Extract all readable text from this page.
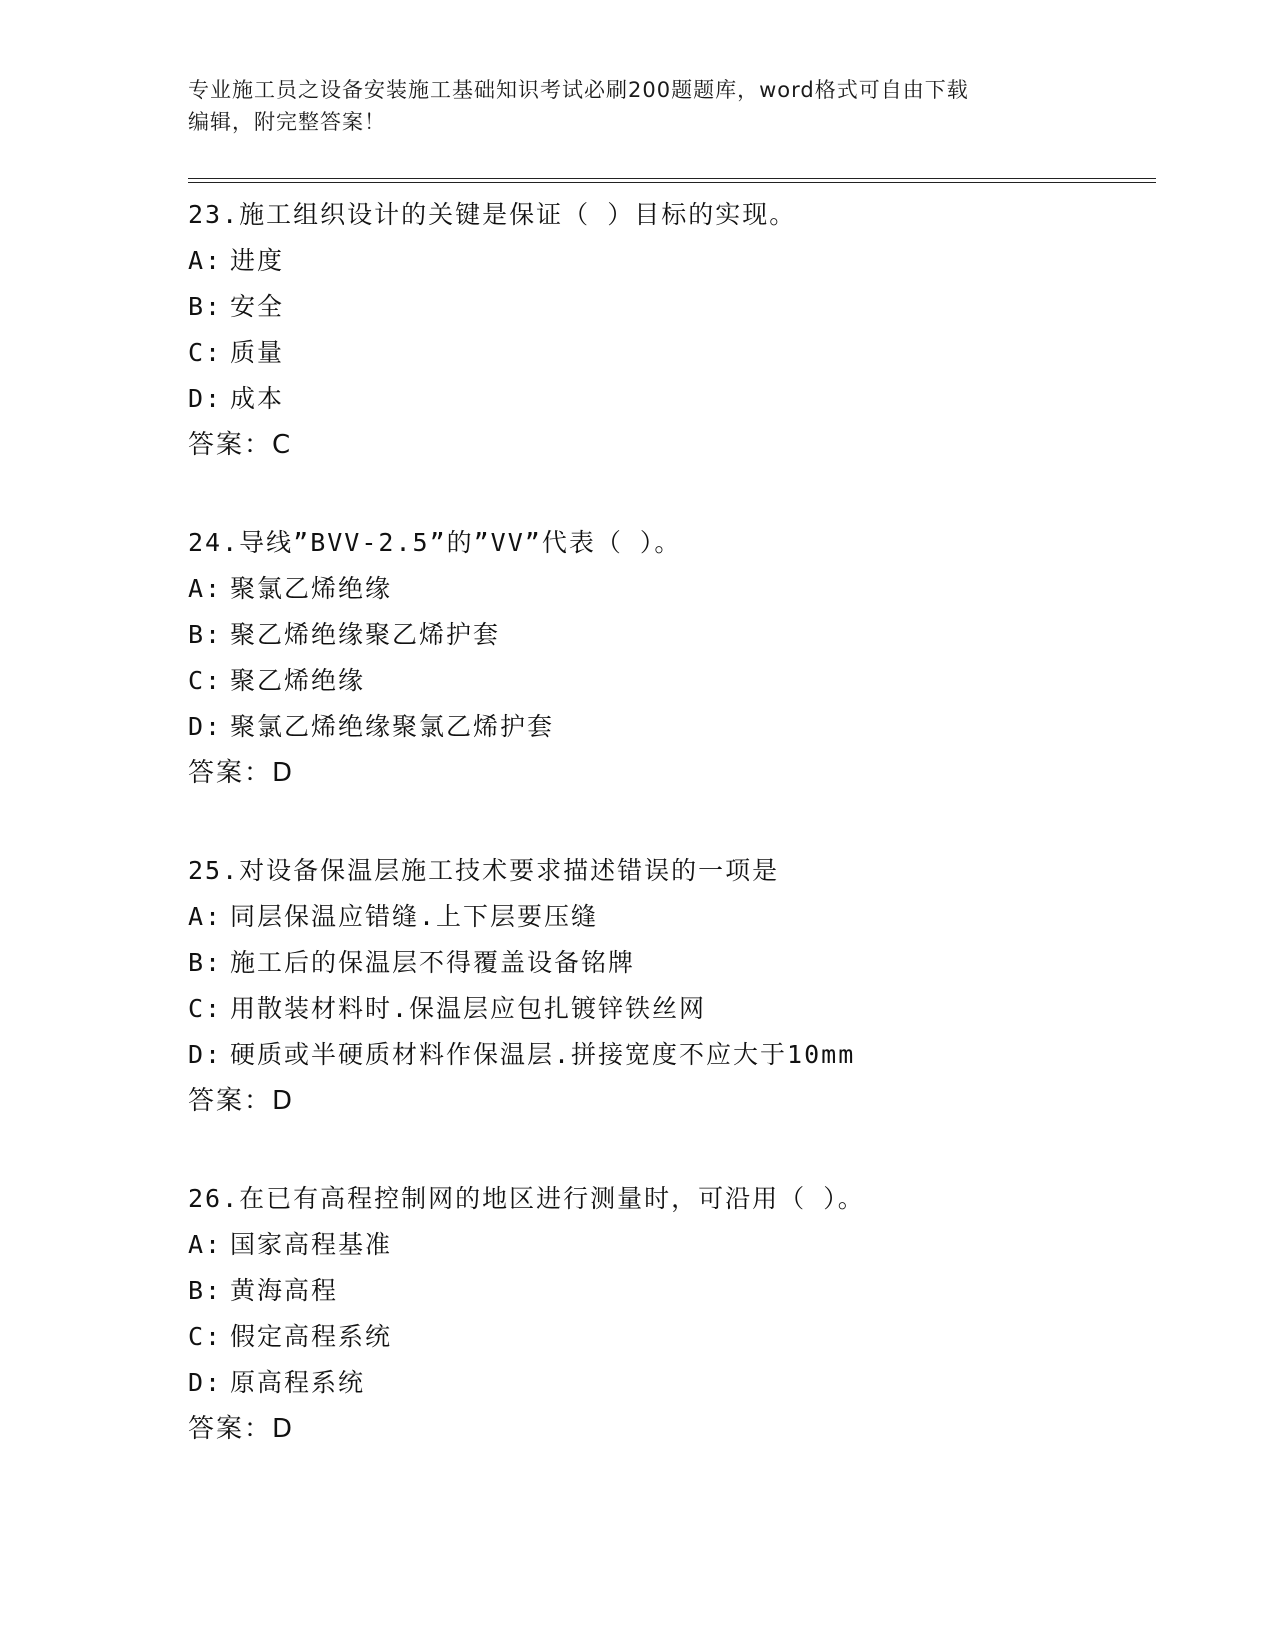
专业施工员之设备安装施工基础知识考试必刷200题题库，word格式可自由下载
编辑，附完整答案！
23.施工组织设计的关键是保证（ ）目标的实现。
A: 进度
B: 安全
C: 质量
D: 成本
答案：C
24.导线”BVV-2.5”的”VV”代表（ ）。
A: 聚氯乙烯绝缘
B: 聚乙烯绝缘聚乙烯护套
C: 聚乙烯绝缘
D: 聚氯乙烯绝缘聚氯乙烯护套
答案：D
25.对设备保温层施工技术要求描述错误的一项是
A: 同层保温应错缝.上下层要压缝
B: 施工后的保温层不得覆盖设备铭牌
C: 用散装材料时.保温层应包扎镀锌铁丝网
D: 硬质或半硬质材料作保温层.拼接宽度不应大于10mm
答案：D
26.在已有高程控制网的地区进行测量时，可沿用（ ）。
A: 国家高程基准
B: 黄海高程
C: 假定高程系统
D: 原高程系统
答案：D
